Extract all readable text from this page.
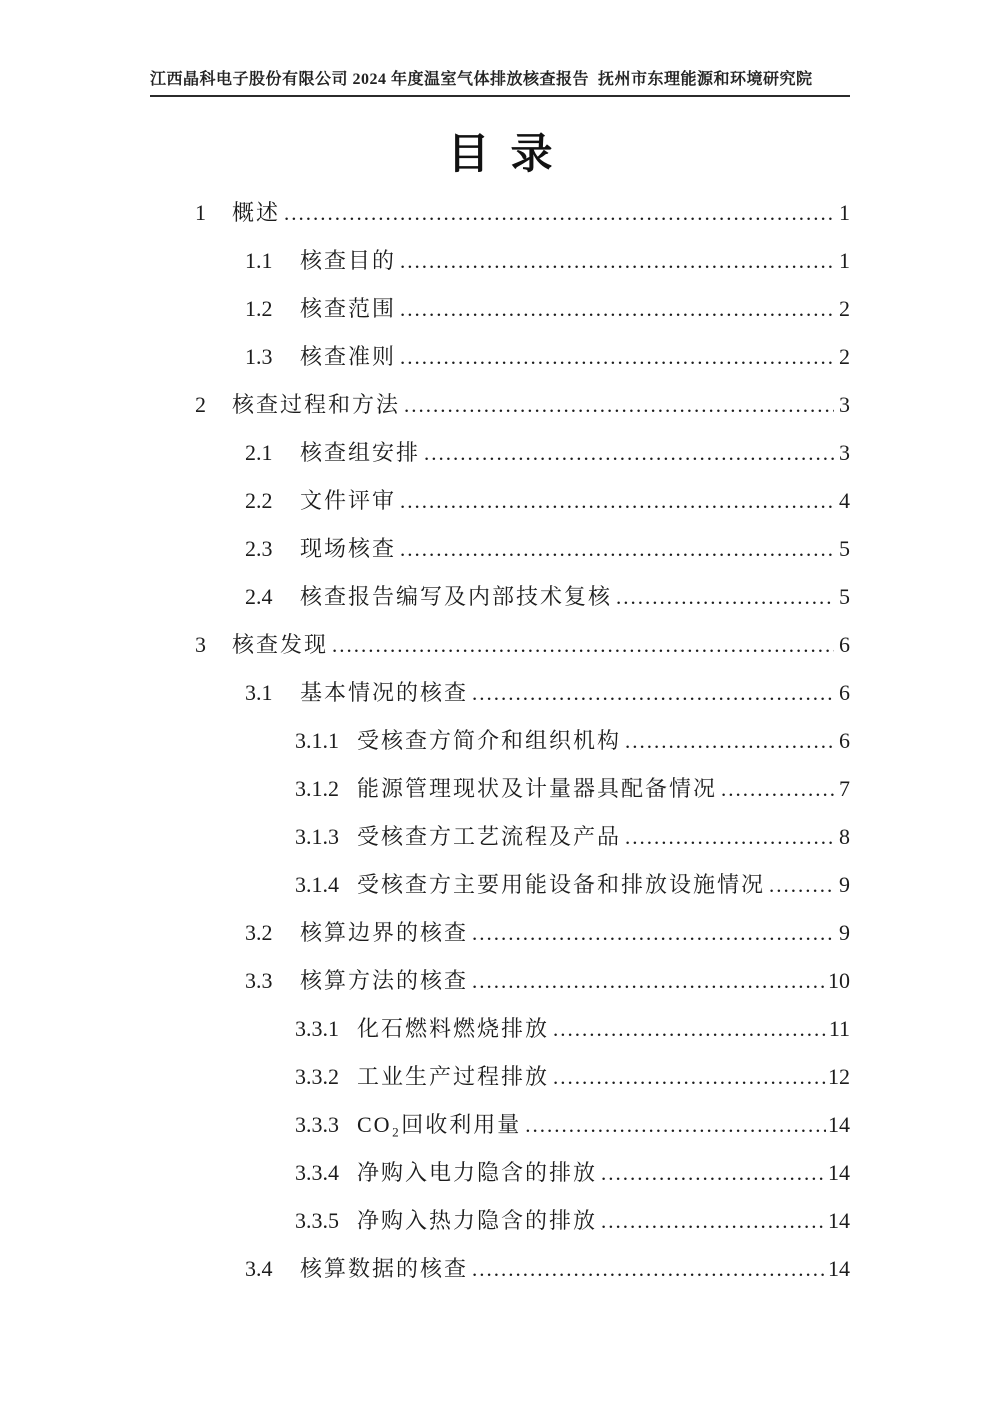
江西晶科电子股份有限公司 2024 年度温室气体排放核查报告  抚州市东理能源和环境研究院
目  录
1	概述 .....	1
1.1	核查目的 .....	1
1.2	核查范围 .....	2
1.3	核查准则 .....	2
2	核查过程和方法 .....	3
2.1	核查组安排 .....	3
2.2	文件评审 .....	4
2.3	现场核查 .....	5
2.4	核查报告编写及内部技术复核 .....	5
3	核查发现 .....	6
3.1	基本情况的核查 .....	6
3.1.1 受核查方简介和组织机构 .....	6
3.1.2 能源管理现状及计量器具配备情况 .....	7
3.1.3 受核查方工艺流程及产品 .....	8
3.1.4 受核查方主要用能设备和排放设施情况 .....	9
3.2	核算边界的核查 .....	9
3.3	核算方法的核查 .....	10
3.3.1 化石燃料燃烧排放 .....	11
3.3.2 工业生产过程排放 .....	12
3.3.3 CO₂回收利用量 .....	14
3.3.4 净购入电力隐含的排放 .....	14
3.3.5 净购入热力隐含的排放 .....	14
3.4	核算数据的核查 .....	14
